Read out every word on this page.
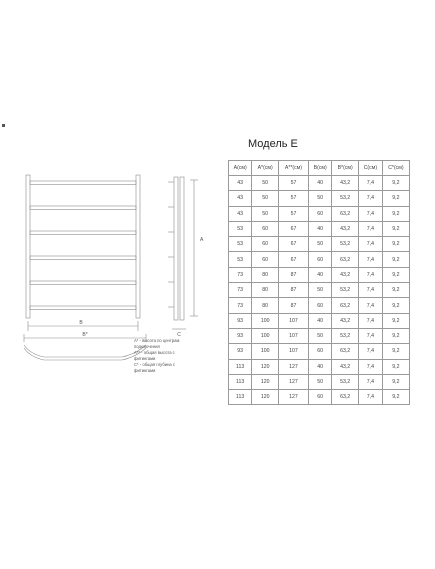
B
B*
A
C
Модель Е
A* - высота по центрам
подключения
A** - общая высота с
фитингами
C* - общая глубина с
фитингами
A(см)	A*(см)	A**(см)	B(см)	B*(см)	C(см)	C*(см)
43	50	57	40	43,2	7,4	9,2
43	50	57	50	53,2	7,4	9,2
43	50	57	60	63,2	7,4	9,2
53	60	67	40	43,2	7,4	9,2
53	60	67	50	53,2	7,4	9,2
53	60	67	60	63,2	7,4	9,2
73	80	87	40	43,2	7,4	9,2
73	80	87	50	53,2	7,4	9,2
73	80	87	60	63,2	7,4	9,2
93	100	107	40	43,2	7,4	9,2
93	100	107	50	53,2	7,4	9,2
93	100	107	60	63,2	7,4	9,2
113	120	127	40	43,2	7,4	9,2
113	120	127	50	53,2	7,4	9,2
113	120	127	60	63,2	7,4	9,2
